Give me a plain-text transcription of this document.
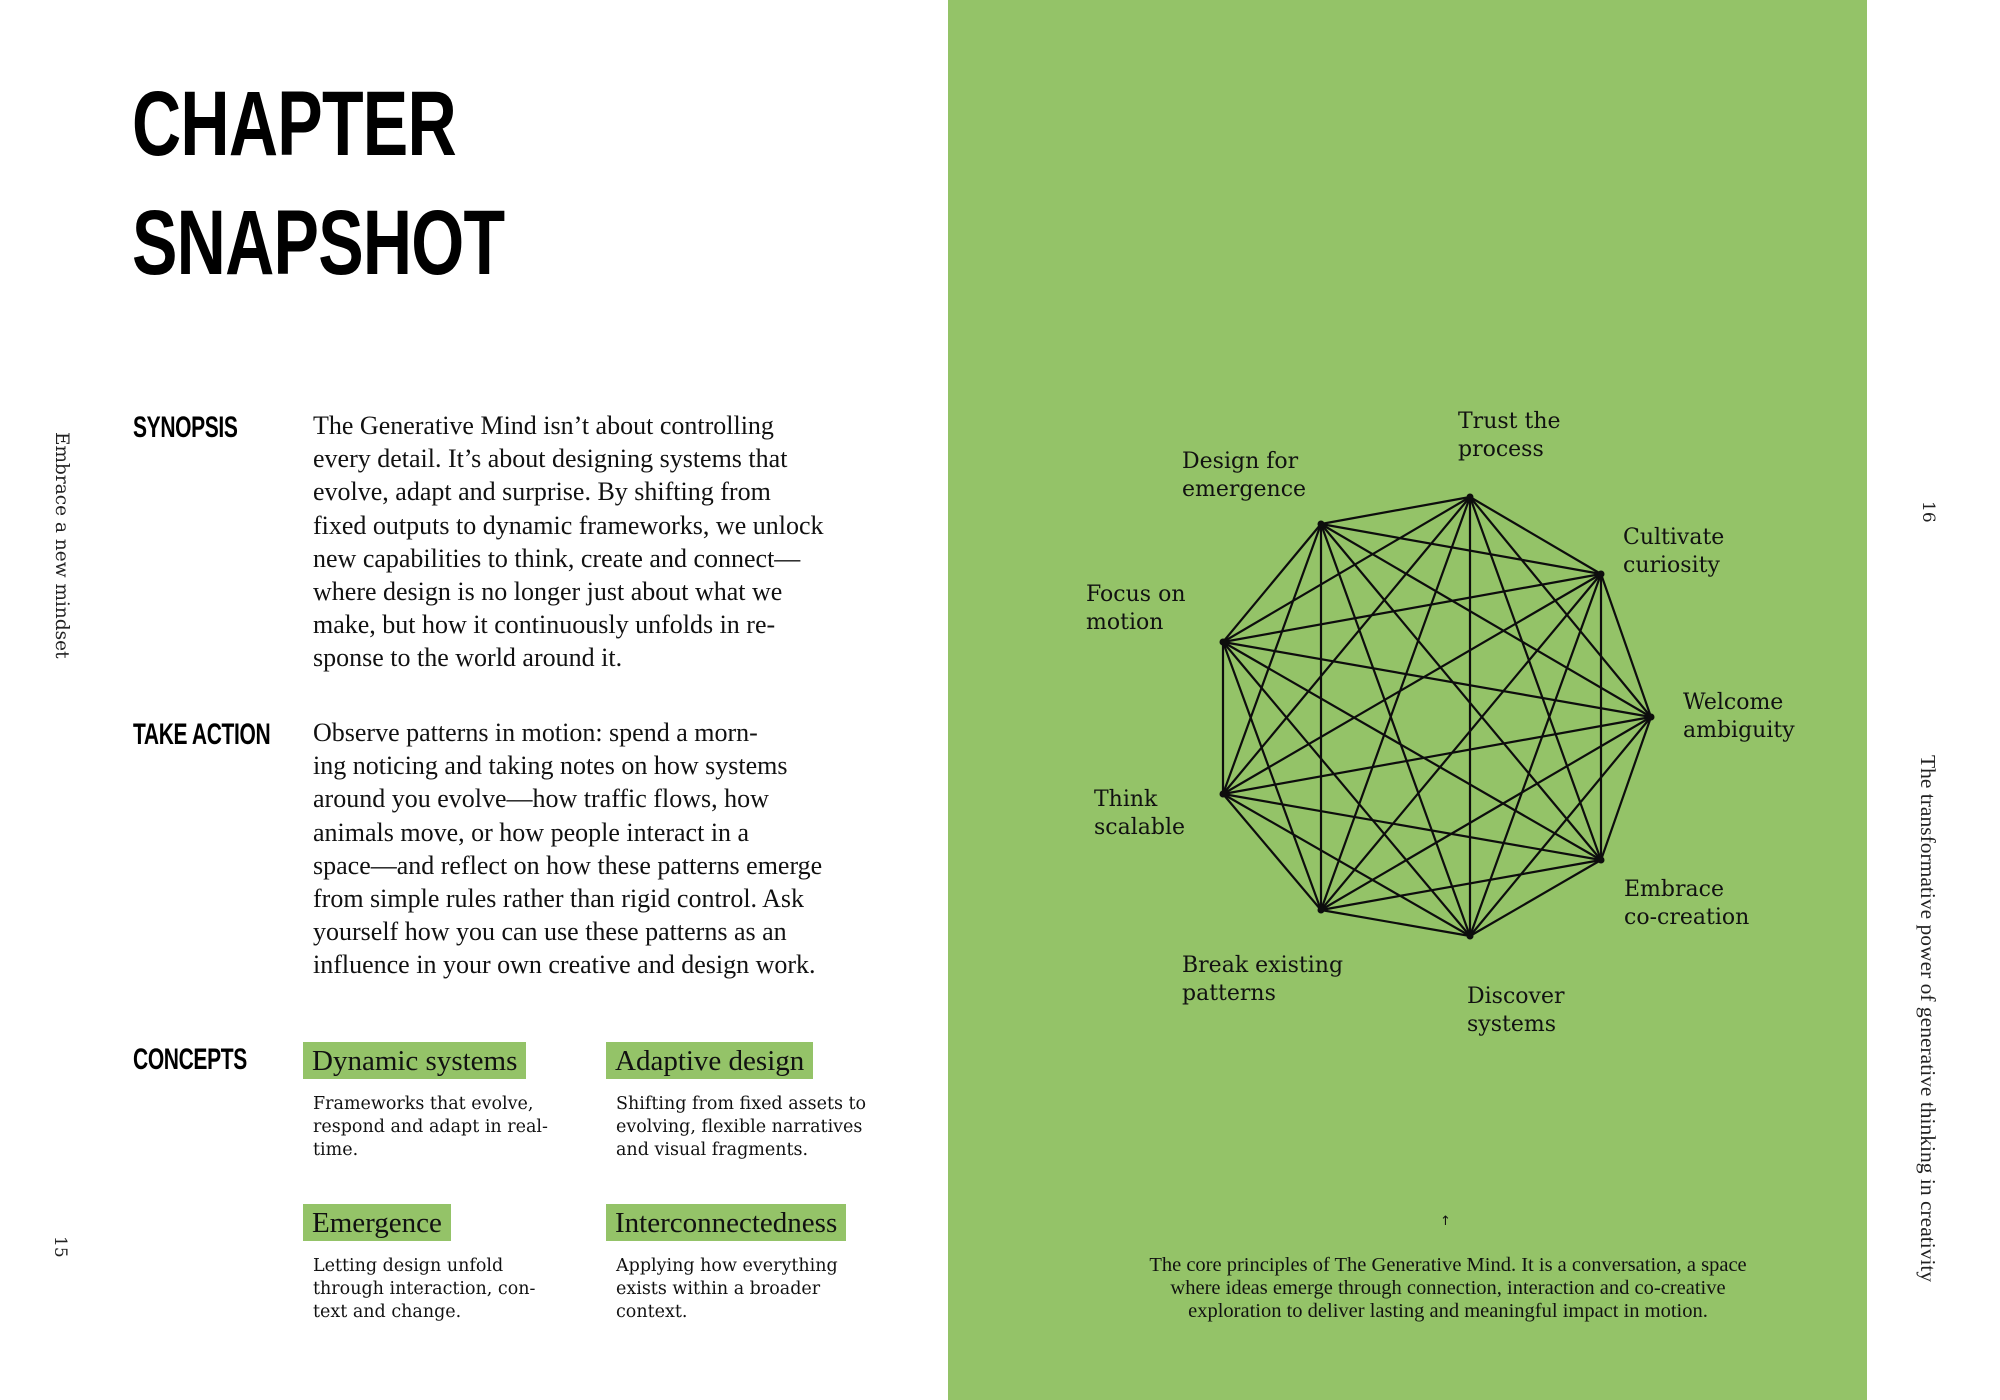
CHAPTER
SNAPSHOT
SYNOPSIS	The Generative Mind isn’t about controlling
every detail. It’s about designing systems that
evolve, adapt and surprise. By shifting from
fixed outputs to dynamic frameworks, we unlock
new capabilities to think, create and connect—
where design is no longer just about what we
make, but how it continuously unfolds in re-
sponse to the world around it.
TAKE ACTION Observe patterns in motion: spend a morn-
ing noticing and taking notes on how systems
around you evolve—how traffic flows, how
animals move, or how people interact in a
space—and reflect on how these patterns emerge
from simple rules rather than rigid control. Ask
yourself how you can use these patterns as an
influence in your own creative and design work.
CONCEPTS	Dynamic systems
Frameworks that evolve,
respond and adapt in real-
time.
Adaptive design
Shifting from fixed assets to
evolving, flexible narratives
and visual fragments.
Emergence
Letting design unfold
through interaction, con-
text and change.
Interconnectedness
Applying how everything
exists within a broader
context.
Embrace a new mindset
15
Trust the
process
Cultivate
curiosity
Welcome
ambiguity
Embrace
co-creation
Discover
systems
Break existing
patterns
Think
scalable
Focus on
motion
Design for
emergence
↑
The core principles of The Generative Mind. It is a conversation, a space
where ideas emerge through connection, interaction and co-creative
exploration to deliver lasting and meaningful impact in motion.
16
The transformative power of generative thinking in creativity
